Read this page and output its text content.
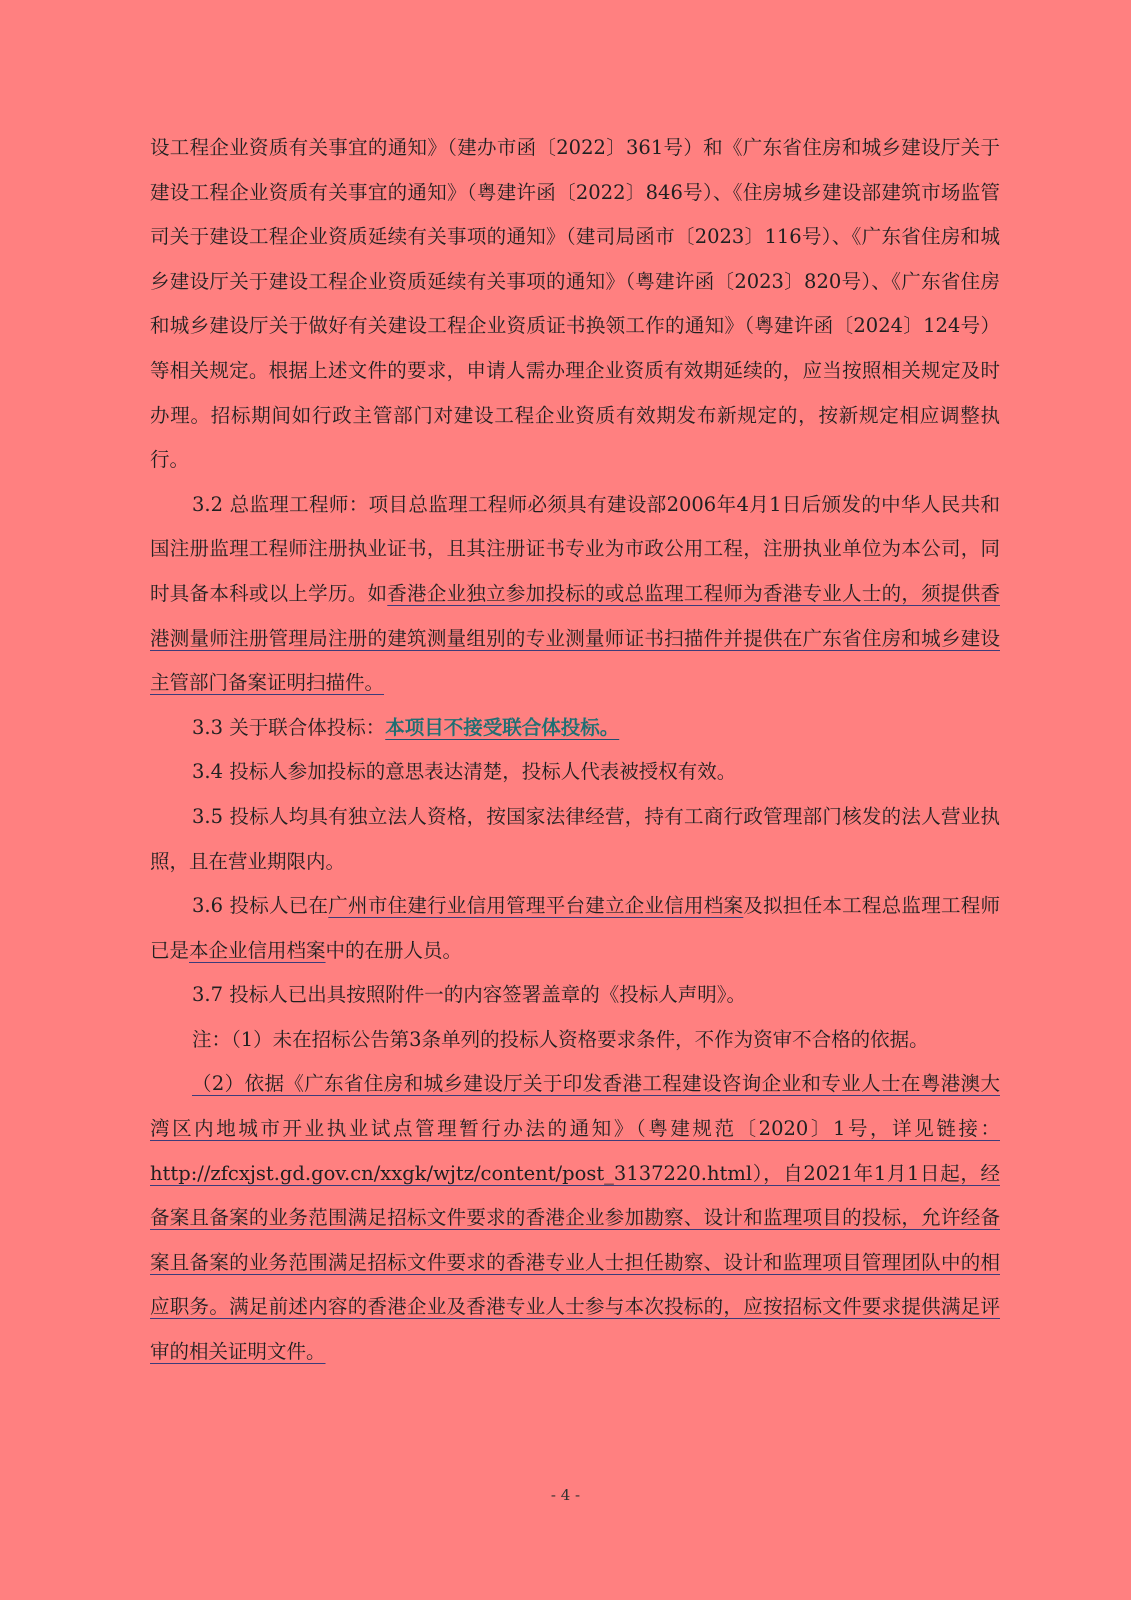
设工程企业资质有关事宜的通知》（建办市函〔2022〕361号）和《广东省住房和城乡建设厅关于建设工程企业资质有关事宜的通知》（粤建许函〔2022〕846号）、《住房城乡建设部建筑市场监管司关于建设工程企业资质延续有关事项的通知》（建司局函市〔2023〕116号）、《广东省住房和城乡建设厅关于建设工程企业资质延续有关事项的通知》（粤建许函〔2023〕820号）、《广东省住房和城乡建设厅关于做好有关建设工程企业资质证书换领工作的通知》（粤建许函〔2024〕124号）等相关规定。根据上述文件的要求，申请人需办理企业资质有效期延续的，应当按照相关规定及时办理。招标期间如行政主管部门对建设工程企业资质有效期发布新规定的，按新规定相应调整执行。

3.2 总监理工程师：项目总监理工程师必须具有建设部2006年4月1日后颁发的中华人民共和国注册监理工程师注册执业证书，且其注册证书专业为市政公用工程，注册执业单位为本公司，同时具备本科或以上学历。如香港企业独立参加投标的或总监理工程师为香港专业人士的，须提供香港测量师注册管理局注册的建筑测量组别的专业测量师证书扫描件并提供在广东省住房和城乡建设主管部门备案证明扫描件。

3.3 关于联合体投标：本项目不接受联合体投标。

3.4 投标人参加投标的意思表达清楚，投标人代表被授权有效。

3.5 投标人均具有独立法人资格，按国家法律经营，持有工商行政管理部门核发的法人营业执照，且在营业期限内。

3.6 投标人已在广州市住建行业信用管理平台建立企业信用档案及拟担任本工程总监理工程师已是本企业信用档案中的在册人员。

3.7 投标人已出具按照附件一的内容签署盖章的《投标人声明》。

注：（1）未在招标公告第3条单列的投标人资格要求条件，不作为资审不合格的依据。

（2）依据《广东省住房和城乡建设厅关于印发香港工程建设咨询企业和专业人士在粤港澳大湾区内地城市开业执业试点管理暂行办法的通知》（粤建规范〔2020〕1号，详见链接：http://zfcxjst.gd.gov.cn/xxgk/wjtz/content/post_3137220.html），自2021年1月1日起，经备案且备案的业务范围满足招标文件要求的香港企业参加勘察、设计和监理项目的投标，允许经备案且备案的业务范围满足招标文件要求的香港专业人士担任勘察、设计和监理项目管理团队中的相应职务。满足前述内容的香港企业及香港专业人士参与本次投标的，应按招标文件要求提供满足评审的相关证明文件。

- 4 -
